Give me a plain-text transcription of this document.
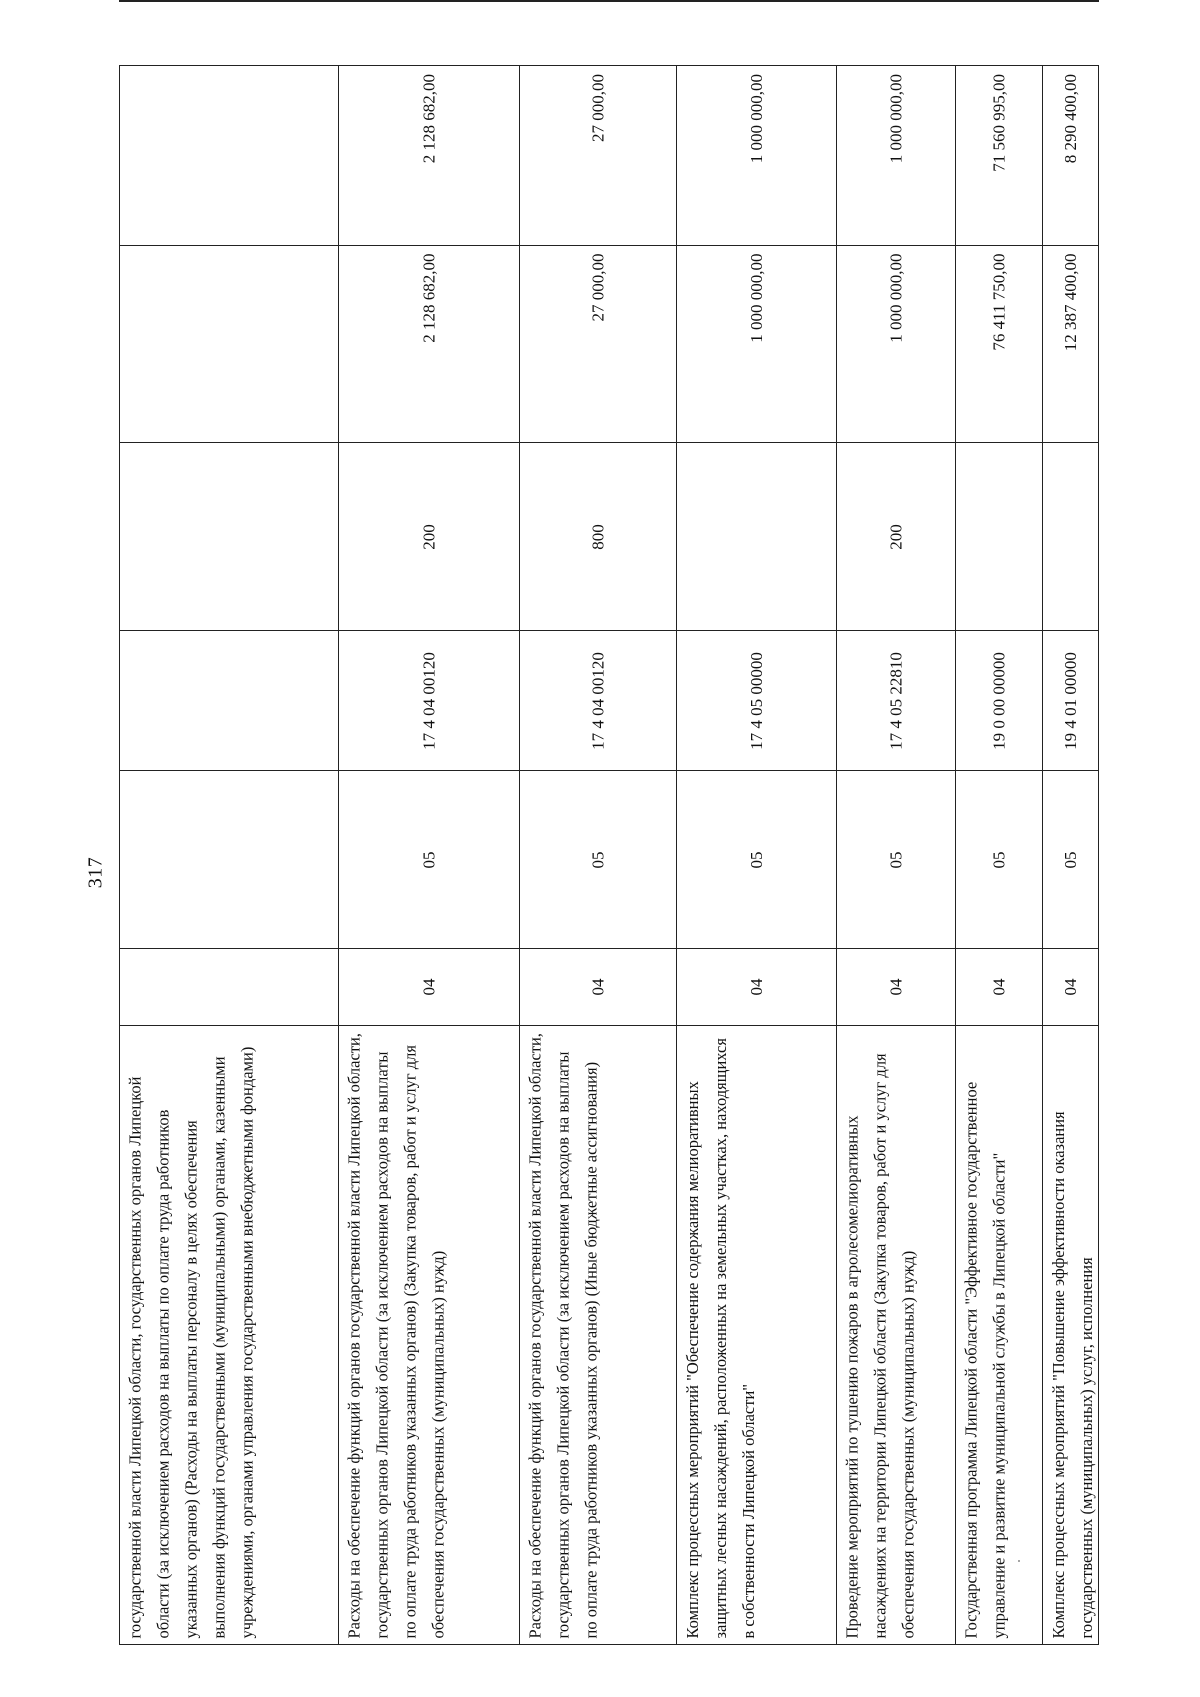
317
государственной власти Липецкой области, государственных органов Липецкой области (за исключением расходов на выплаты по оплате труда работников указанных органов) (Расходы на выплаты персоналу в целях обеспечения выполнения функций государственными (муниципальными) органами, казенными учреждениями, органами управления государственными внебюджетными фондами)	Расходы на обеспечение функций органов государственной власти Липецкой области, государственных органов Липецкой области (за исключением расходов на выплаты по оплате труда работников указанных органов) (Закупка товаров, работ и услуг для обеспечения государственных (муниципальных) нужд)
04
05
17 4 04 00120
200
2 128 682,00
2 128 682,00
Расходы на обеспечение функций органов государственной власти Липецкой области, государственных органов Липецкой области (за исключением расходов на выплаты по оплате труда работников указанных органов) (Иные бюджетные ассигнования)
04
05
17 4 04 00120
800
27 000,00
27 000,00
Комплекс процессных мероприятий "Обеспечение содержания мелиоративных защитных лесных насаждений, расположенных на земельных участках, находящихся в собственности Липецкой области"
04
05
17 4 05 00000
1 000 000,00
1 000 000,00
Проведение мероприятий по тушению пожаров в агролесомелиоративных насаждениях на территории Липецкой области (Закупка товаров, работ и услуг для обеспечения государственных (муниципальных) нужд)
04
05
17 4 05 22810
200
1 000 000,00
1 000 000,00
Государственная программа Липецкой области "Эффективное государственное управление и развитие муниципальной службы в Липецкой области"
04
05
19 0 00 00000
76 411 750,00
71 560 995,00
Комплекс процессных мероприятий "Повышение эффективности оказания государственных (муниципальных) услуг, исполнения
04
05
19 4 01 00000
12 387 400,00
8 290 400,00
